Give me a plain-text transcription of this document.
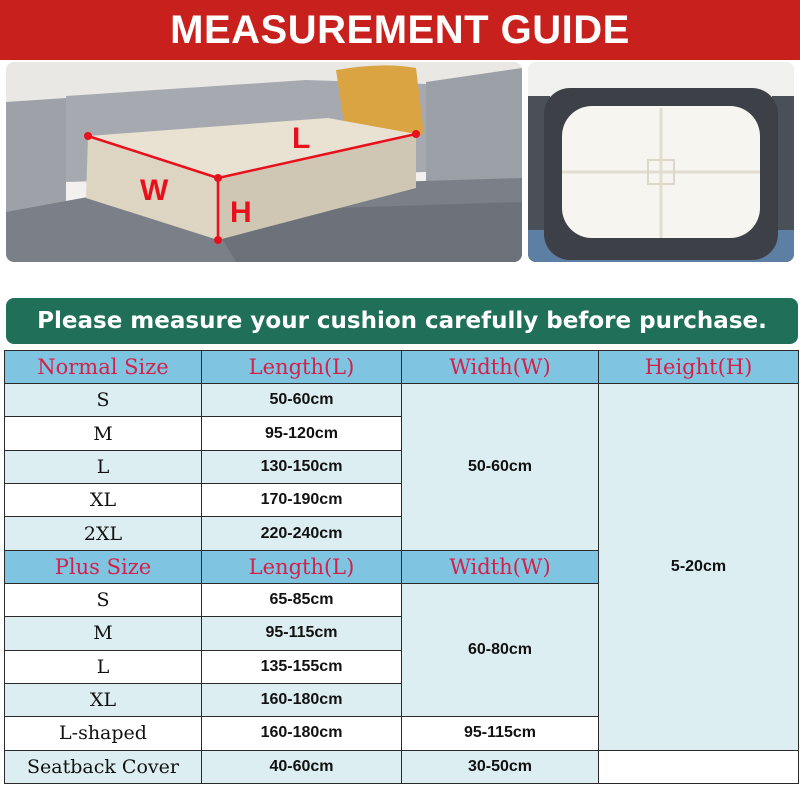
MEASUREMENT GUIDE
L
W
H
Please measure your cushion carefully before purchase.
Normal Size	Length(L)	Width(W)	Height(H)
S	50-60cm	50-60cm	5-20cm
M	95-120cm		
L	130-150cm		
XL	170-190cm		
2XL	220-240cm		
Plus Size	Length(L)	Width(W)	
S	65-85cm	60-80cm	
M	95-115cm		
L	135-155cm		
XL	160-180cm		
L-shaped	160-180cm	95-115cm	
Seatback Cover	40-60cm	30-50cm	
